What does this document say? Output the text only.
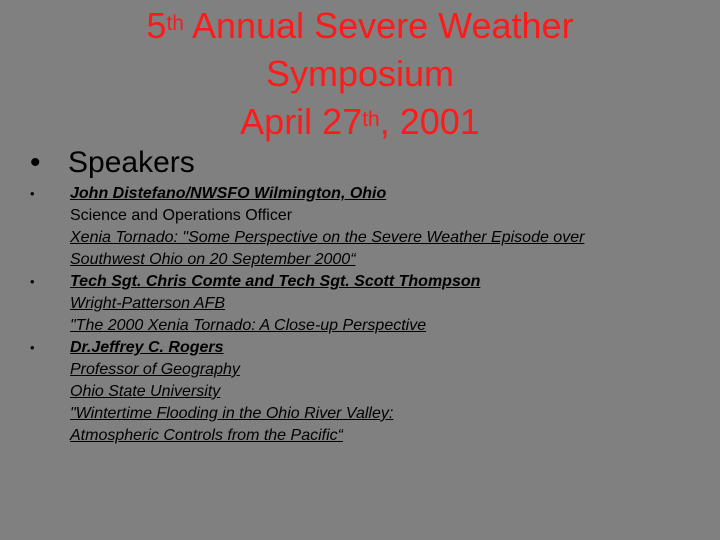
5th Annual Severe Weather
Symposium
April 27th, 2001
• Speakers
• John Distefano/NWSFO Wilmington, Ohio
Science and Operations Officer
Xenia Tornado: "Some Perspective on the Severe Weather Episode over
Southwest Ohio on 20 September 2000“
• Tech Sgt. Chris Comte and Tech Sgt. Scott Thompson
Wright-Patterson AFB
"The 2000 Xenia Tornado: A Close-up Perspective
• Dr.Jeffrey C. Rogers
Professor of Geography
Ohio State University
"Wintertime Flooding in the Ohio River Valley:
Atmospheric Controls from the Pacific“
